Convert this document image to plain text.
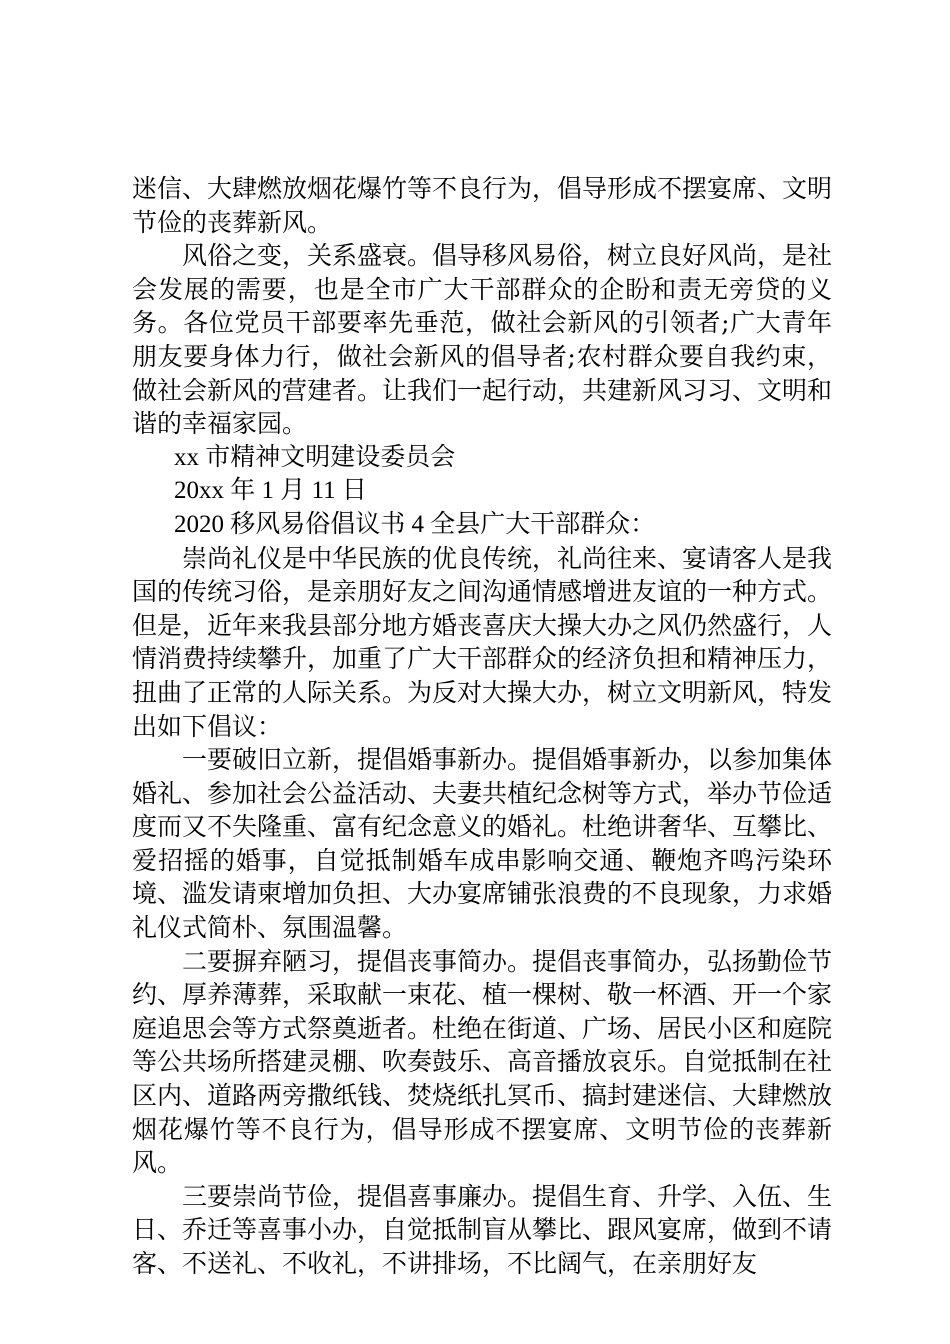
迷信、大肆燃放烟花爆竹等不良行为，倡导形成不摆宴席、文明节俭的丧葬新风。

风俗之变，关系盛衰。倡导移风易俗，树立良好风尚，是社会发展的需要，也是全市广大干部群众的企盼和责无旁贷的义务。各位党员干部要率先垂范，做社会新风的引领者;广大青年朋友要身体力行，做社会新风的倡导者;农村群众要自我约束，做社会新风的营建者。让我们一起行动，共建新风习习、文明和谐的幸福家园。

xx 市精神文明建设委员会

20xx 年 1 月 11 日

2020 移风易俗倡议书 4 全县广大干部群众：

崇尚礼仪是中华民族的优良传统，礼尚往来、宴请客人是我国的传统习俗，是亲朋好友之间沟通情感增进友谊的一种方式。但是，近年来我县部分地方婚丧喜庆大操大办之风仍然盛行，人情消费持续攀升，加重了广大干部群众的经济负担和精神压力，扭曲了正常的人际关系。为反对大操大办，树立文明新风，特发出如下倡议：

一要破旧立新，提倡婚事新办。提倡婚事新办，以参加集体婚礼、参加社会公益活动、夫妻共植纪念树等方式，举办节俭适度而又不失隆重、富有纪念意义的婚礼。杜绝讲奢华、互攀比、爱招摇的婚事，自觉抵制婚车成串影响交通、鞭炮齐鸣污染环境、滥发请柬增加负担、大办宴席铺张浪费的不良现象，力求婚礼仪式简朴、氛围温馨。

二要摒弃陋习，提倡丧事简办。提倡丧事简办，弘扬勤俭节约、厚养薄葬，采取献一束花、植一棵树、敬一杯酒、开一个家庭追思会等方式祭奠逝者。杜绝在街道、广场、居民小区和庭院等公共场所搭建灵棚、吹奏鼓乐、高音播放哀乐。自觉抵制在社区内、道路两旁撒纸钱、焚烧纸扎冥币、搞封建迷信、大肆燃放烟花爆竹等不良行为，倡导形成不摆宴席、文明节俭的丧葬新风。

三要崇尚节俭，提倡喜事廉办。提倡生育、升学、入伍、生日、乔迁等喜事小办，自觉抵制盲从攀比、跟风宴席，做到不请客、不送礼、不收礼，不讲排场，不比阔气，在亲朋好友
